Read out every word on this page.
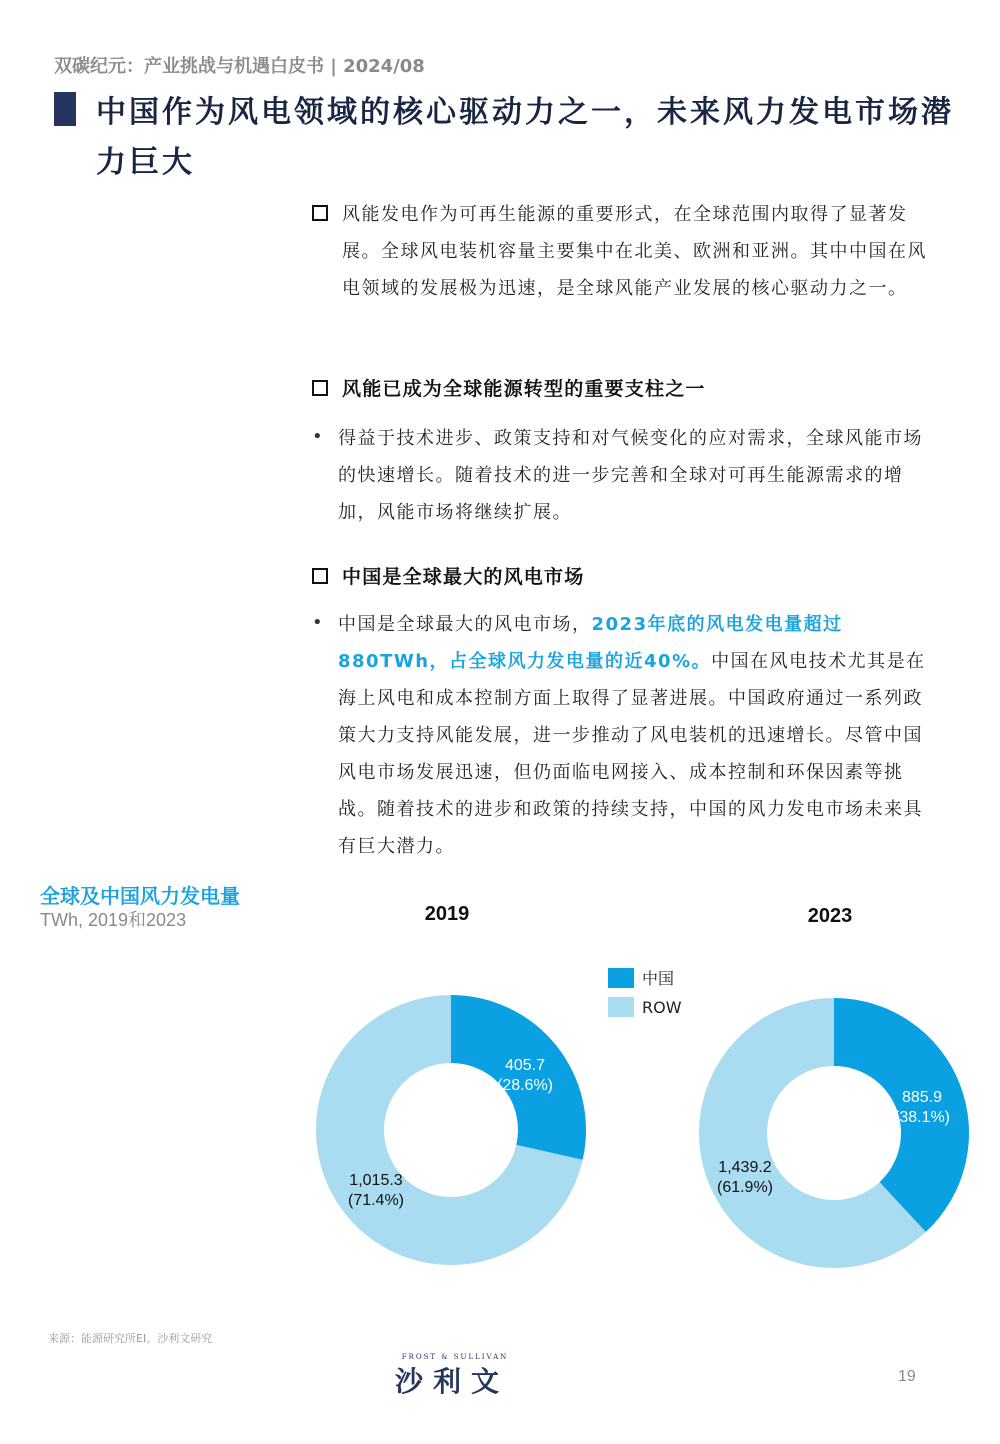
双碳纪元：产业挑战与机遇白皮书 | 2024/08
中国作为风电领域的核心驱动力之一，未来风力发电市场潜力巨大
风能发电作为可再生能源的重要形式，在全球范围内取得了显著发展。全球风电装机容量主要集中在北美、欧洲和亚洲。其中中国在风电领域的发展极为迅速，是全球风能产业发展的核心驱动力之一。
风能已成为全球能源转型的重要支柱之一
• 得益于技术进步、政策支持和对气候变化的应对需求，全球风能市场的快速增长。随着技术的进一步完善和全球对可再生能源需求的增加，风能市场将继续扩展。
中国是全球最大的风电市场
• 中国是全球最大的风电市场，2023年底的风电发电量超过880TWh，占全球风力发电量的近40%。中国在风电技术尤其是在海上风电和成本控制方面上取得了显著进展。中国政府通过一系列政策大力支持风能发展，进一步推动了风电装机的迅速增长。尽管中国风电市场发展迅速，但仍面临电网接入、成本控制和环保因素等挑战。随着技术的进步和政策的持续支持，中国的风力发电市场未来具有巨大潜力。
全球及中国风力发电量
TWh, 2019和2023	2019
405.7
(28.6%)
1,015.3
(71.4%)
2023
885.9
(38.1%)
1,439.2
(61.9%)
中国
ROW
来源：能源研究所EI、沙利文研究
FROST & SULLIVAN
沙利文	19
